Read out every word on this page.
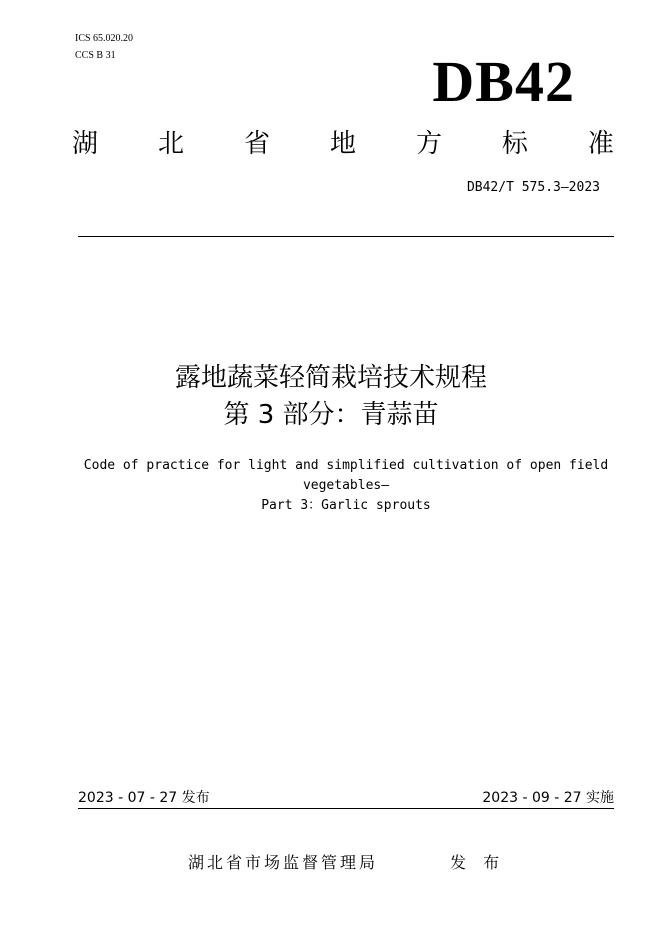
ICS 65.020.20
CCS B 31	DB42
湖 北 省 地 方 标 准
DB42/T 575.3—2023
露地蔬菜轻简栽培技术规程
第 3 部分：青蒜苗
Code of practice for light and simplified cultivation of open field
vegetables—
Part 3：Garlic sprouts
2023 - 07 - 27 发布	2023 - 09 - 27 实施
湖北省市场监督管理局	发 布
